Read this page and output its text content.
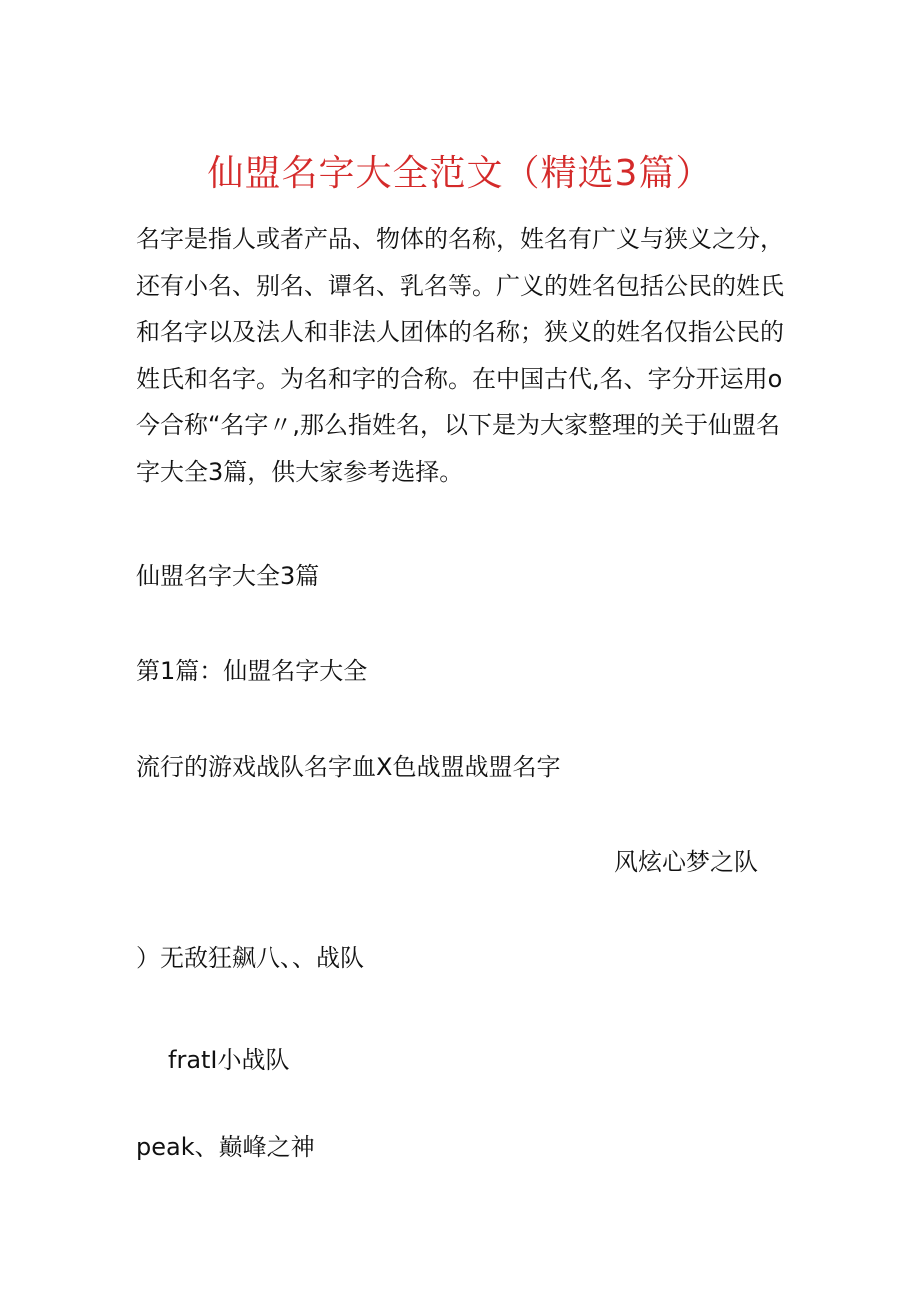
仙盟名字大全范文（精选3篇）

名字是指人或者产品、物体的名称，姓名有广义与狭义之分，
还有小名、别名、谭名、乳名等。广义的姓名包括公民的姓氏
和名字以及法人和非法人团体的名称；狭义的姓名仅指公民的
姓氏和名字。为名和字的合称。在中国古代,名、字分开运用o
今合称“名字〃,那么指姓名，以下是为大家整理的关于仙盟名
字大全3篇，供大家参考选择。

仙盟名字大全3篇
第1篇：仙盟名字大全
流行的游戏战队名字血X色战盟战盟名字
风炫心梦之队
）无敌狂飙八、、战队
fratI小战队
peak、巅峰之神
